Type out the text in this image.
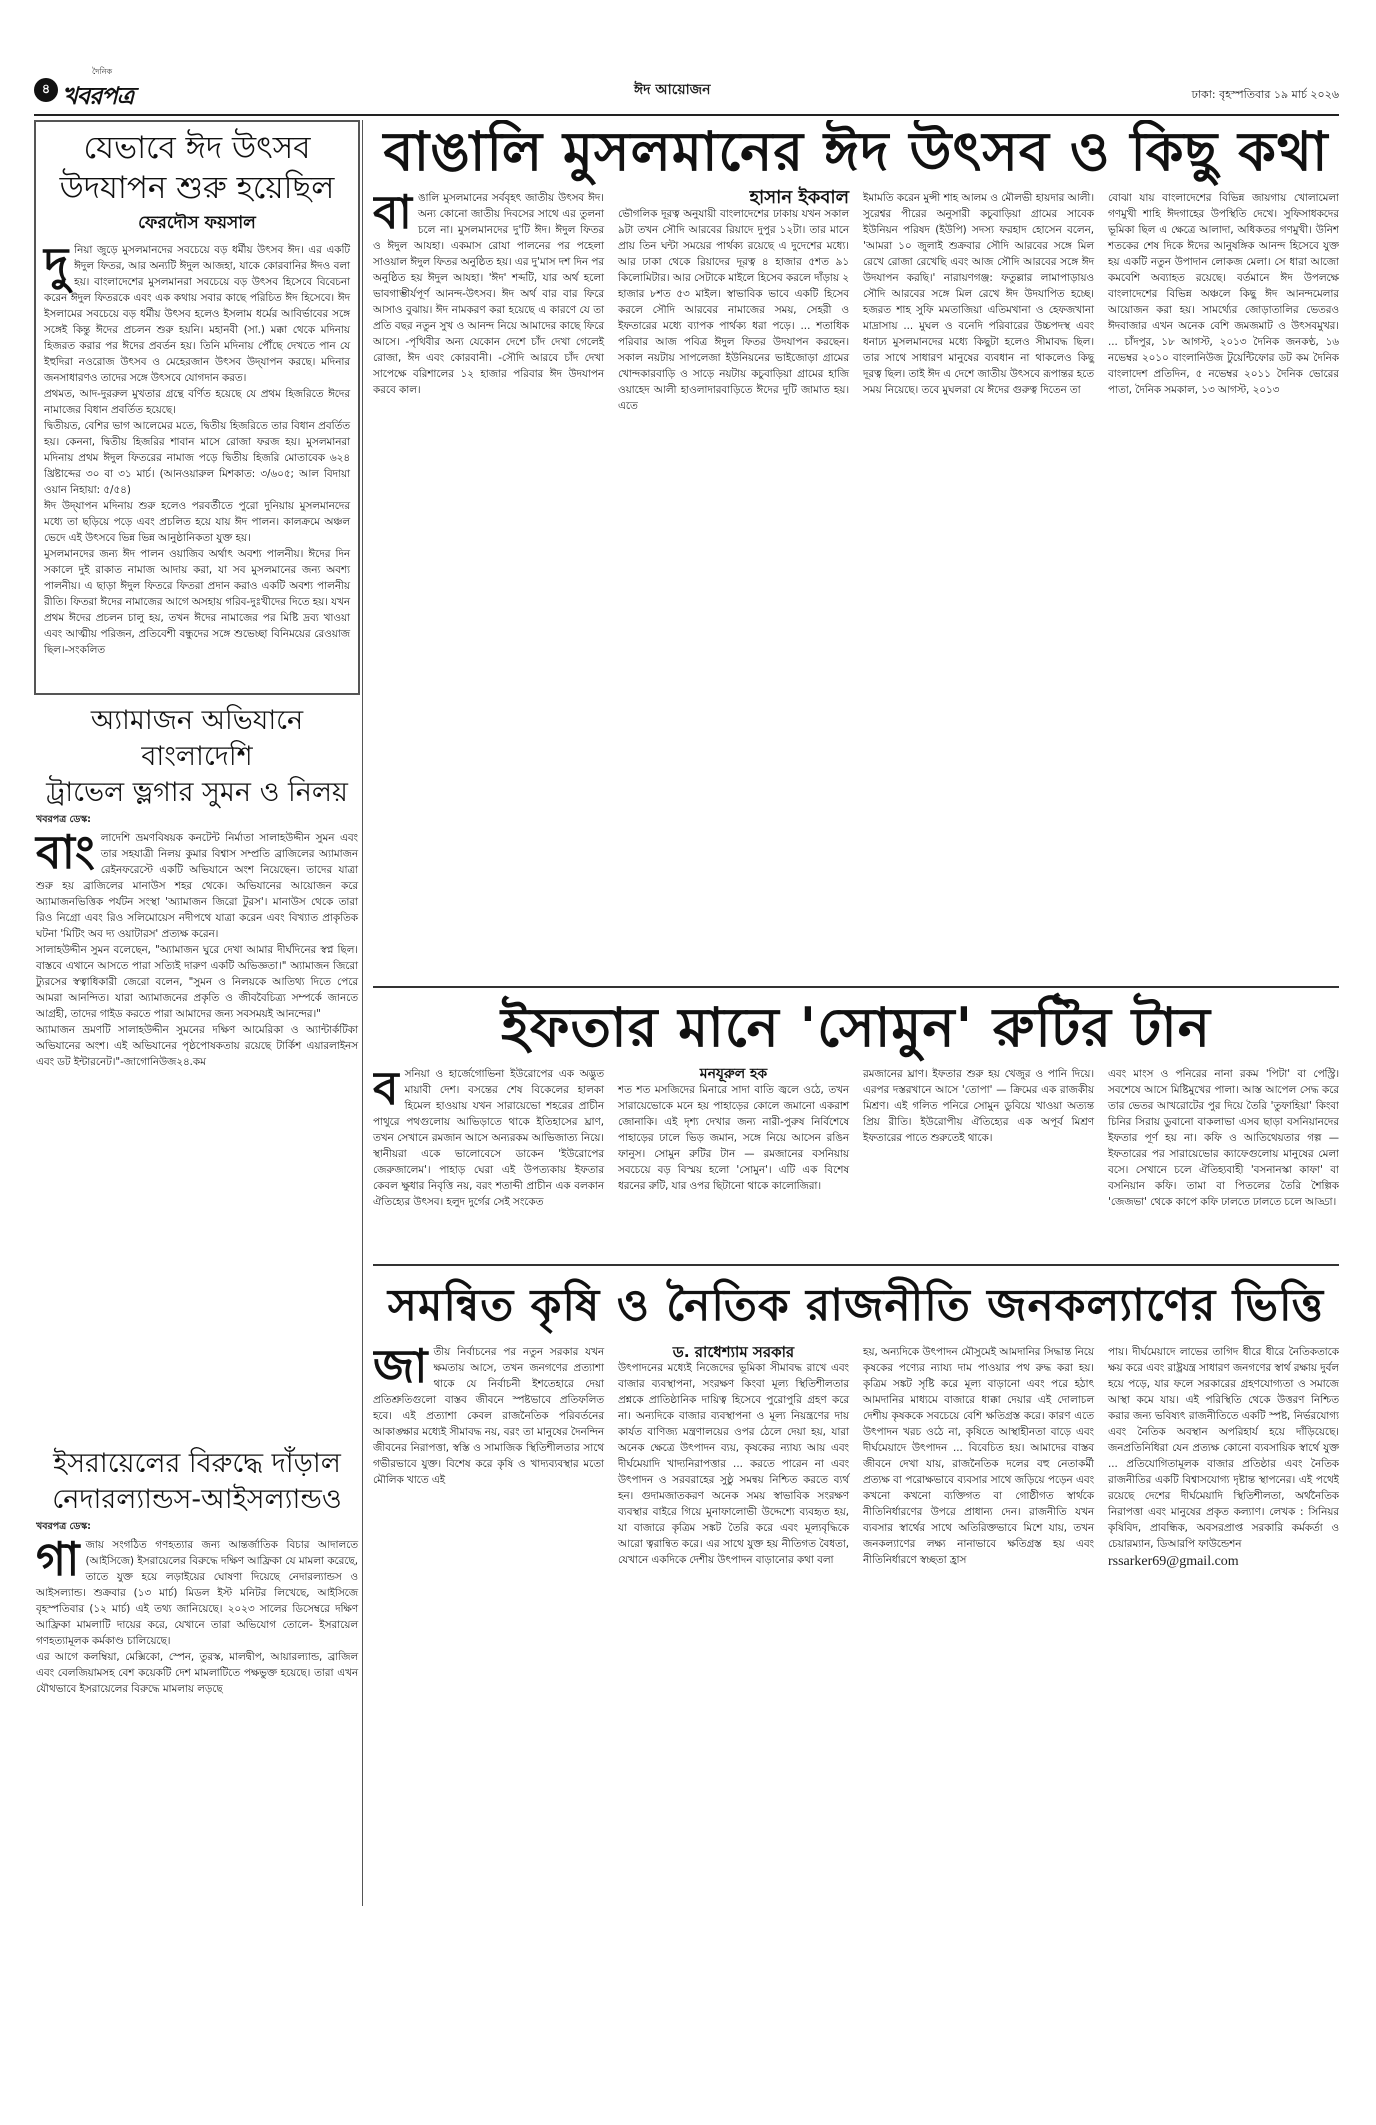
৪
দৈনিক
খবরপত্র	ঈদ আয়োজন	ঢাকা: বৃহস্পতিবার ১৯ মার্চ ২০২৬
যেভাবে ঈদ উৎসব
উদযাপন শুরু হয়েছিল
ফেরদৌস ফয়সাল
দু নিয়া জুড়ে মুসলমানদের সবচেয়ে বড় ধর্মীয় উৎসব ঈদ। এর একটি ঈদুল ফিতর, আর অন্যটি ঈদুল আজহা, যাকে কোরবানির ঈদও বলা হয়। বাংলাদেশের মুসলমানরা সবচেয়ে বড় উৎসব হিসেবে বিবেচনা করেন ঈদুল ফিতরকে এবং এক কথায় সবার কাছে পরিচিত ঈদ হিসেবে। ঈদ ইসলামের সবচেয়ে বড় ধর্মীয় উৎসব হলেও ইসলাম ধর্মের আবির্ভাবের সঙ্গে সঙ্গেই কিন্তু ঈদের প্রচলন শুরু হয়নি। মহানবী (সা.) মক্কা থেকে মদিনায় হিজরত করার পর ঈদের প্রবর্তন হয়। তিনি মদিনায় পৌঁছে দেখতে পান যে ইহুদিরা নওরোজ উৎসব ও মেহেরজান উৎসব উদ্‌যাপন করছে। মদিনার জনসাধারণও তাদের সঙ্গে উৎসবে যোগদান করত।

প্রথমত, আদ-দুররুল মুখতার গ্রন্থে বর্ণিত হয়েছে যে প্রথম হিজরিতে ঈদের নামাজের বিধান প্রবর্তিত হয়েছে।

দ্বিতীয়ত, বেশির ভাগ আলেমের মতে, দ্বিতীয় হিজরিতে তার বিধান প্রবর্তিত হয়। কেননা, দ্বিতীয় হিজরির শাবান মাসে রোজা ফরজ হয়। মুসলমানরা মদিনায় প্রথম ঈদুল ফিতরের নামাজ পড়ে দ্বিতীয় হিজরি মোতাবেক ৬২৪ খ্রিষ্টাব্দের ৩০ বা ৩১ মার্চ। (আনওয়ারুল মিশকাত: ৩/৬০৫; আল বিদায়া ওয়ান নিহায়া: ৫/৫৪)

ঈদ উদ্‌যাপন মদিনায় শুরু হলেও পরবর্তীতে পুরো দুনিয়ায় মুসলমানদের মধ্যে তা ছড়িয়ে পড়ে এবং প্রচলিত হয়ে যায় ঈদ পালন। কালক্রমে অঞ্চল ভেদে এই উৎসবে ভিন্ন ভিন্ন আনুষ্ঠানিকতা যুক্ত হয়।

মুসলমানদের জন্য ঈদ পালন ওয়াজিব অর্থাৎ অবশ্য পালনীয়। ঈদের দিন সকালে দুই রাকাত নামাজ আদায় করা, যা সব মুসলমানের জন্য অবশ্য পালনীয়। এ ছাড়া ঈদুল ফিতরে ফিতরা প্রদান করাও একটি অবশ্য পালনীয় রীতি। ফিতরা ঈদের নামাজের আগে অসহায় গরিব-দুঃখীদের দিতে হয়। যখন প্রথম ঈদের প্রচলন চালু হয়, তখন ঈদের নামাজের পর মিষ্টি দ্রব্য খাওয়া এবং আত্মীয় পরিজন, প্রতিবেশী বন্ধুদের সঙ্গে শুভেচ্ছা বিনিময়ের রেওয়াজ ছিল।-সংকলিত

অ্যামাজন অভিযানে বাংলাদেশি
ট্রাভেল ভ্লগার সুমন ও নিলয়
খবরপত্র ডেস্ক:
বাং লাদেশি ভ্রমণবিষয়ক কনটেন্ট নির্মাতা সালাহউদ্দীন সুমন এবং তার সহযাত্রী নিলয় কুমার বিশ্বাস সম্প্রতি ব্রাজিলের অ্যামাজন রেইনফরেস্টে একটি অভিযানে অংশ নিয়েছেন। তাদের যাত্রা শুরু হয় ব্রাজিলের মানাউস শহর থেকে। অভিযানের আয়োজন করে অ্যামাজনভিত্তিক পর্যটন সংস্থা 'অ্যামাজন জিরো টুরস'। মানাউস থেকে তারা রিও নিগ্রো এবং রিও সলিমোয়েস নদীপথে যাত্রা করেন এবং বিখ্যাত প্রাকৃতিক ঘটনা 'মিটিং অব দ্য ওয়াটারস' প্রত্যক্ষ করেন।

সালাহউদ্দীন সুমন বলেছেন, "অ্যামাজন ঘুরে দেখা আমার দীর্ঘদিনের স্বপ্ন ছিল। বাস্তবে এখানে আসতে পারা সত্যিই দারুণ একটি অভিজ্ঞতা।" অ্যামাজন জিরো ট্যুরসের স্বত্বাধিকারী জেরো বলেন, "সুমন ও নিলয়কে আতিথ্য দিতে পেরে আমরা আনন্দিত। যারা অ্যামাজনের প্রকৃতি ও জীববৈচিত্র্য সম্পর্কে জানতে আগ্রহী, তাদের গাইড করতে পারা আমাদের জন্য সবসময়ই আনন্দের।"

অ্যামাজন ভ্রমণটি সালাহউদ্দীন সুমনের দক্ষিণ আমেরিকা ও অ্যান্টার্কটিকা অভিযানের অংশ। এই অভিযানের পৃষ্ঠপোষকতায় রয়েছে টার্কিশ এয়ারলাইনস এবং ডট ইন্টারনেট।"-জাগোনিউজ২৪.কম

ইসরায়েলের বিরুদ্ধে দাঁড়াল
নেদারল্যান্ডস-আইসল্যান্ডও
খবরপত্র ডেস্ক:
গা জায় সংগঠিত গণহত্যার জন্য আন্তর্জাতিক বিচার আদালতে (আইসিজে) ইসরায়েলের বিরুদ্ধে দক্ষিণ আফ্রিকা যে মামলা করেছে, তাতে যুক্ত হয়ে লড়াইয়ের ঘোষণা দিয়েছে নেদারল্যান্ডস ও আইসল্যান্ড। শুক্রবার (১৩ মার্চ) মিডল ইস্ট মনিটর লিখেছে, আইসিজে বৃহস্পতিবার (১২ মার্চ) এই তথ্য জানিয়েছে। ২০২৩ সালের ডিসেম্বরে দক্ষিণ আফ্রিকা মামলাটি দায়ের করে, যেখানে তারা অভিযোগ তোলে- ইসরায়েল গণহত্যামূলক কর্মকাণ্ড চালিয়েছে।

এর আগে কলম্বিয়া, মেক্সিকো, স্পেন, তুরস্ক, মালদ্বীপ, আয়ারল্যান্ড, ব্রাজিল এবং বেলজিয়ামসহ বেশ কয়েকটি দেশ মামলাটিতে পক্ষভুক্ত হয়েছে। তারা এখন যৌথভাবে ইসরায়েলের বিরুদ্ধে মামলায় লড়ছে

বাঙালি মুসলমানের ঈদ উৎসব ও কিছু কথা
বা ঙালি মুসলমানের সর্ববৃহৎ জাতীয় উৎসব ঈদ। অন্য কোনো জাতীয় দিবসের সাথে এর তুলনা চলে না। মুসলমানদের দু'টি ঈদ। ঈদুল ফিতর ও ঈদুল আযহা। একমাস রোযা পালনের পর পহেলা সাওয়াল ঈদুল ফিতর অনুষ্ঠিত হয়। এর দু'মাস দশ দিন পর অনুষ্ঠিত হয় ঈদুল আযহা। 'ঈদ' শব্দটি, যার অর্থ হলো ভাবগাম্ভীর্যপূর্ণ আনন্দ-উৎসব। ঈদ অর্থ বার বার ফিরে আসাও বুঝায়। ঈদ নামকরণ করা হয়েছে এ কারণে যে তা প্রতি বছর নতুন সুখ ও আনন্দ নিয়ে আমাদের কাছে ফিরে আসে। -পৃথিবীর অন্য যেকোন দেশে চাঁদ দেখা গেলেই রোজা, ঈদ এবং কোরবানী। -সৌদি আরবে চাঁদ দেখা সাপেক্ষে বরিশালের ১২ হাজার পরিবার ঈদ উদযাপন করবে কাল।
হাসান ইকবাল
ভৌগলিক দূরত্ব অনুযায়ী বাংলাদেশের ঢাকায় যখন সকাল ৯টা তখন সৌদি আরবের রিয়াদে দুপুর ১২টা। তার মানে প্রায় তিন ঘন্টা সময়ের পার্থক্য রয়েছে এ দুদেশের মধ্যে। আর ঢাকা থেকে রিয়াদের দূরত্ব ৪ হাজার ৫শত ৯১ কিলোমিটার। আর সেটাকে মাইলে হিসেব করলে দাঁড়ায় ২ হাজার ৮শত ৫৩ মাইল। স্বাভাবিক ভাবে একটি হিসেব করলে সৌদি আরবের নামাজের সময়, সেহরী ও ইফতারের মধ্যে ব্যাপক পার্থক্য ধরা পড়ে। ... শতাধিক পরিবার আজ পবিত্র ঈদুল ফিতর উদযাপন করছেন। সকাল নয়টায় সাপলেজা ইউনিয়নের ভাইজোড়া গ্রামের খোন্দকারবাড়ি ও সাড়ে নয়টায় কচুবাড়িয়া গ্রামের হাজি ওয়াহেদ আলী হাওলাদারবাড়িতে ঈদের দুটি জামাত হয়। এতে
ইমামতি করেন মুন্সী শাহ আলম ও মৌলভী হায়দার আলী। সুরেশ্বর পীরের অনুসারী কচুবাড়িয়া গ্রামের সাবেক ইউনিয়ন পরিষদ (ইউপি) সদস্য ফরহাদ হোসেন বলেন, 'আমরা ১০ জুলাই শুক্রবার সৌদি আরবের সঙ্গে মিল রেখে রোজা রেখেছি এবং আজ সৌদি আরবের সঙ্গে ঈদ উদযাপন করছি।' নারায়ণগঞ্জ: ফতুল্লার লামাপাড়ায়ও সৌদি আরবের সঙ্গে মিল রেখে ঈদ উদযাপিত হচ্ছে। হজরত শাহ সুফি মমতাজিয়া এতিমখানা ও হেফজখানা মাদ্রাসায় ... মুঘল ও বনেদি পরিবারের উচ্চপদস্থ এবং ধনাঢ্য মুসলমানদের মধ্যে কিছুটা হলেও সীমাবদ্ধ ছিল। তার সাথে সাধারণ মানুষের ব্যবধান না থাকলেও কিছু দূরত্ব ছিল। তাই ঈদ এ দেশে জাতীয় উৎসবে রূপান্তর হতে সময় নিয়েছে। তবে মুঘলরা যে ঈদের গুরুত্ব দিতেন তা
বোঝা যায় বাংলাদেশের বিভিন্ন জায়গায় খোলামেলা গণমুখী শাহি ঈদগাহের উপস্থিতি দেখে। সুফিসাধকদের ভূমিকা ছিল এ ক্ষেত্রে আলাদা, অধিকতর গণমুখী। উনিশ শতকের শেষ দিকে ঈদের আনুষঙ্গিক আনন্দ হিসেবে যুক্ত হয় একটি নতুন উপাদান লোকজ মেলা। সে ধারা আজো কমবেশি অব্যাহত রয়েছে। বর্তমানে ঈদ উপলক্ষে বাংলাদেশের বিভিন্ন অঞ্চলে কিছু ঈদ আনন্দমেলার আয়োজন করা হয়। সামর্থ্যের জোড়াতালির ভেতরও ঈদবাজার এখন অনেক বেশি জমজমাট ও উৎসবমুখর। ... চাঁদপুর, ১৮ আগস্ট, ২০১৩ দৈনিক জনকণ্ঠ, ১৬ নভেম্বর ২০১০ বাংলানিউজ টুয়েন্টিফোর ডট কম দৈনিক বাংলাদেশ প্রতিদিন, ৫ নভেম্বর ২০১১ দৈনিক ভোরের পাতা, দৈনিক সমকাল, ১৩ আগস্ট, ২০১৩
ইফতার মানে 'সোমুন' রুটির টান
ব সনিয়া ও হার্জেগোভিনা ইউরোপের এক অদ্ভুত মায়াবী দেশ। বসন্তের শেষ বিকেলের হালকা হিমেল হাওয়ায় যখন সারায়েভো শহরের প্রাচীন পাথুরে পথগুলোয় আভিড়াতে থাকে ইতিহাসের ঘ্রাণ, তখন সেখানে রমজান আসে অন্যরকম আভিজাত্য নিয়ে। স্থানীয়রা একে ভালোবেসে ডাকেন 'ইউরোপের জেরুজালেম'। পাহাড় ঘেরা এই উপত্যকায় ইফতার কেবল ক্ষুধার নিবৃত্তি নয়, বরং শতাব্দী প্রাচীন এক বলকান ঐতিহ্যের উৎসব। হলুদ দুর্গের সেই সংকেত
মনযূরুল হক
শত শত মসজিদের মিনারে সাদা বাতি জ্বলে ওঠে, তখন সারায়েভোকে মনে হয় পাহাড়ের কোলে জমানো একরাশ জোনাকি। এই দৃশ্য দেখার জন্য নারী-পুরুষ নির্বিশেষে পাহাড়ের ঢালে ভিড় জমান, সঙ্গে নিয়ে আসেন রঙিন ফানুস। সোমুন রুটির টান — রমজানের বসনিয়ায় সবচেয়ে বড় বিস্ময় হলো 'সোমুন'। এটি এক বিশেষ ধরনের রুটি, যার ওপর ছিটানো থাকে কালোজিরা।
রমজানের ঘ্রাণ। ইফতার শুরু হয় খেজুর ও পানি দিয়ে। এরপর দস্তরখানে আসে 'তোপা' — ক্রিমের এক রাজকীয় মিশ্রণ। এই গলিত পনিরে সোমুন ডুবিয়ে খাওয়া অত্যন্ত প্রিয় রীতি। ইউরোপীয় ঐতিহ্যের এক অপূর্ব মিশ্রণ ইফতারের পাতে শুরুতেই থাকে।
এবং মাংস ও পনিরের নানা রকম 'পিটা' বা পেস্ট্রি। সবশেষে আসে মিষ্টিমুখের পালা। আস্ত আপেল সেদ্ধ করে তার ভেতর আখরোটের পুর দিয়ে তৈরি 'তুফাহিয়া' কিংবা চিনির সিরায় ডুবানো বাকলাভা এসব ছাড়া বসনিয়ানদের ইফতার পূর্ণ হয় না। কফি ও আতিথেয়তার গল্প — ইফতারের পর সারায়েভোর ক্যাফেগুলোয় মানুষের মেলা বসে। সেখানে চলে ঐতিহ্যবাহী 'বসনানস্কা কাফা' বা বসনিয়ান কফি। তামা বা পিতলের তৈরি শৈল্পিক 'জেজভা' থেকে কাপে কফি ঢালতে ঢালতে চলে আড্ডা।
সমন্বিত কৃষি ও নৈতিক রাজনীতি জনকল্যাণের ভিত্তি
জা তীয় নির্বাচনের পর নতুন সরকার যখন ক্ষমতায় আসে, তখন জনগণের প্রত্যাশা থাকে যে নির্বাচনী ইশতেহারে দেয়া প্রতিশ্রুতিগুলো বাস্তব জীবনে স্পষ্টভাবে প্রতিফলিত হবে। এই প্রত্যাশা কেবল রাজনৈতিক পরিবর্তনের আকাঙ্ক্ষার মধ্যেই সীমাবদ্ধ নয়, বরং তা মানুষের দৈনন্দিন জীবনের নিরাপত্তা, স্বস্তি ও সামাজিক স্থিতিশীলতার সাথে গভীরভাবে যুক্ত। বিশেষ করে কৃষি ও খাদ্যব্যবস্থার মতো মৌলিক খাতে এই
ড. রাধেশ্যাম সরকার
উৎপাদনের মধ্যেই নিজেদের ভূমিকা সীমাবদ্ধ রাখে এবং বাজার ব্যবস্থাপনা, সংরক্ষণ কিংবা মূল্য স্থিতিশীলতার প্রশ্নকে প্রাতিষ্ঠানিক দায়িত্ব হিসেবে পুরোপুরি গ্রহণ করে না। অন্যদিকে বাজার ব্যবস্থাপনা ও মূল্য নিয়ন্ত্রণের দায় কার্যত বাণিজ্য মন্ত্রণালয়ের ওপর ঠেলে দেয়া হয়, যারা অনেক ক্ষেত্রে উৎপাদন ব্যয়, কৃষকের ন্যায্য আয় এবং দীর্ঘমেয়াদি খাদ্যনিরাপত্তার ... করতে পারেন না এবং উৎপাদন ও সরবরাহের সুষ্ঠু সমন্বয় নিশ্চিত করতে ব্যর্থ হন। গুদামজাতকরণ অনেক সময় স্বাভাবিক সংরক্ষণ ব্যবস্থার বাইরে গিয়ে মুনাফালোভী উদ্দেশ্যে ব্যবহৃত হয়, যা বাজারে কৃত্রিম সঙ্কট তৈরি করে এবং মূল্যবৃদ্ধিকে আরো ত্বরান্বিত করে। এর সাথে যুক্ত হয় নীতিগত বৈধতা, যেখানে একদিকে দেশীয় উৎপাদন বাড়ানোর কথা বলা
হয়, অন্যদিকে উৎপাদন মৌসুমেই আমদানির সিদ্ধান্ত নিয়ে কৃষকের পণ্যের ন্যায্য দাম পাওয়ার পথ রুদ্ধ করা হয়। কৃত্রিম সঙ্কট সৃষ্টি করে মূল্য বাড়ানো এবং পরে হঠাৎ আমদানির মাধ্যমে বাজারে ধাক্কা দেয়ার এই দোলাচল দেশীয় কৃষককে সবচেয়ে বেশি ক্ষতিগ্রস্ত করে। কারণ এতে উৎপাদন খরচ ওঠে না, কৃষিতে আস্থাহীনতা বাড়ে এবং দীর্ঘমেয়াদে উৎপাদন ... বিবেচিত হয়। আমাদের বাস্তব জীবনে দেখা যায়, রাজনৈতিক দলের বহু নেতাকর্মী প্রত্যক্ষ বা পরোক্ষভাবে ব্যবসার সাথে জড়িয়ে পড়েন এবং কখনো কখনো ব্যক্তিগত বা গোষ্ঠীগত স্বার্থকে নীতিনির্ধারণের উপরে প্রাধান্য দেন। রাজনীতি যখন ব্যবসার স্বার্থের সাথে অতিরিক্তভাবে মিশে যায়, তখন জনকল্যাণের লক্ষ্য নানাভাবে ক্ষতিগ্রস্ত হয় এবং নীতিনির্ধারণে স্বচ্ছতা হ্রাস
পায়। দীর্ঘমেয়াদে লাভের তাগিদ ধীরে ধীরে নৈতিকতাকে ক্ষয় করে এবং রাষ্ট্রযন্ত্র সাধারণ জনগণের স্বার্থ রক্ষায় দুর্বল হয়ে পড়ে, যার ফলে সরকারের গ্রহণযোগ্যতা ও সমাজে আস্থা কমে যায়। এই পরিস্থিতি থেকে উত্তরণ নিশ্চিত করার জন্য ভবিষ্যৎ রাজনীতিতে একটি স্পষ্ট, নির্ভরযোগ্য এবং নৈতিক অবস্থান অপরিহার্য হয়ে দাঁড়িয়েছে। জনপ্রতিনিধিরা যেন প্রত্যক্ষ কোনো ব্যবসায়িক স্বার্থে যুক্ত ... প্রতিযোগিতামূলক বাজার প্রতিষ্ঠার এবং নৈতিক রাজনীতির একটি বিশ্বাসযোগ্য দৃষ্টান্ত স্থাপনের। এই পথেই রয়েছে দেশের দীর্ঘমেয়াদি স্থিতিশীলতা, অর্থনৈতিক নিরাপত্তা এবং মানুষের প্রকৃত কল্যাণ। লেখক : সিনিয়র কৃষিবিদ, প্রাবন্ধিক, অবসরপ্রাপ্ত সরকারি কর্মকর্তা ও চেয়ারম্যান, ডিআরপি ফাউন্ডেশন
rssarker69@gmail.com
